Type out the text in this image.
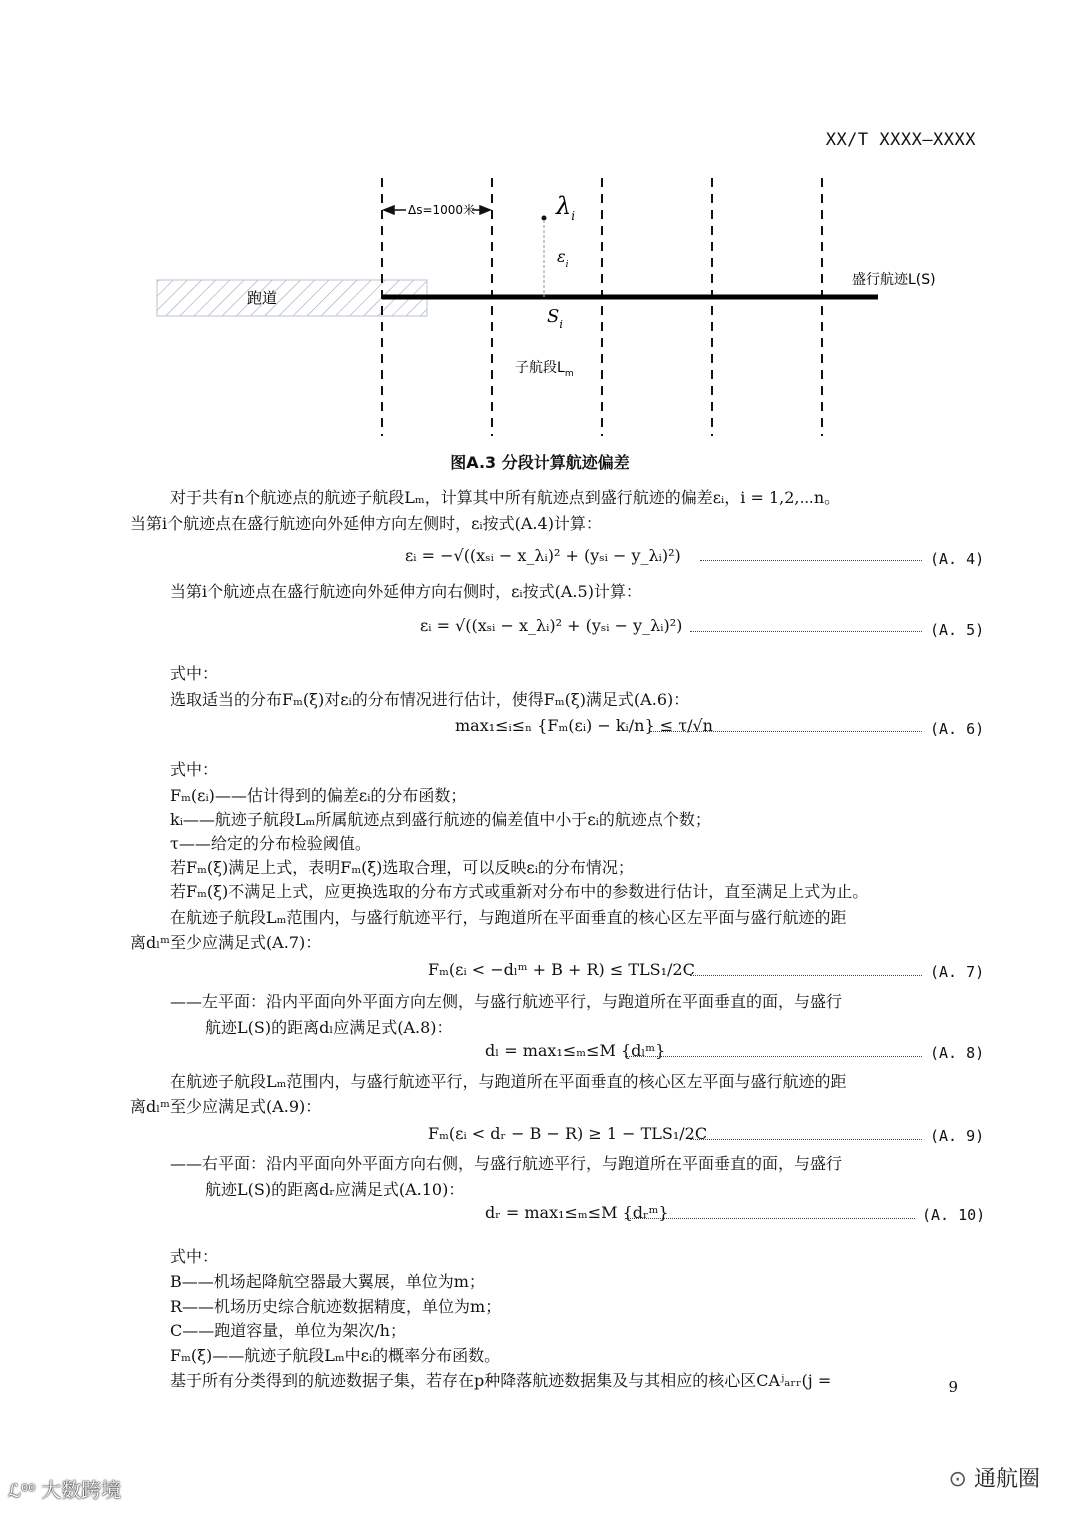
XX/T XXXX—XXXX
跑道
Δs=1000米	$\lambda_i$
$\varepsilon_i$
$S_i$
子航段$L_m$
盛行航迹L(S)
图A.3 分段计算航迹偏差
对于共有n个航迹点的航迹子航段Lₘ，计算其中所有航迹点到盛行航迹的偏差εᵢ，i = 1,2,⋯n。
当第i个航迹点在盛行航迹向外延伸方向左侧时，εᵢ按式(A.4)计算：
εᵢ = −√((xₛᵢ − x_λᵢ)² + (yₛᵢ − y_λᵢ)²)	(A. 4)
当第i个航迹点在盛行航迹向外延伸方向右侧时，εᵢ按式(A.5)计算：
εᵢ = √((xₛᵢ − x_λᵢ)² + (yₛᵢ − y_λᵢ)²)	(A. 5)
式中：
选取适当的分布Fₘ(ξ)对εᵢ的分布情况进行估计，使得Fₘ(ξ)满足式(A.6)：
max₁≤ᵢ≤ₙ {Fₘ(εᵢ) − kᵢ/n} ≤ τ/√n	(A. 6)
式中：
Fₘ(εᵢ)——估计得到的偏差εᵢ的分布函数；
kᵢ——航迹子航段Lₘ所属航迹点到盛行航迹的偏差值中小于εᵢ的航迹点个数；
τ——给定的分布检验阈值。
若Fₘ(ξ)满足上式，表明Fₘ(ξ)选取合理，可以反映εᵢ的分布情况；
若Fₘ(ξ)不满足上式，应更换选取的分布方式或重新对分布中的参数进行估计，直至满足上式为止。
在航迹子航段Lₘ范围内，与盛行航迹平行，与跑道所在平面垂直的核心区左平面与盛行航迹的距
离dₗᵐ至少应满足式(A.7)：
Fₘ(εᵢ < −dₗᵐ + B + R) ≤ TLS₁/2C	(A. 7)
——左平面：沿内平面向外平面方向左侧，与盛行航迹平行，与跑道所在平面垂直的面，与盛行
航迹L(S)的距离dₗ应满足式(A.8)：
dₗ = max₁≤ₘ≤M {dₗᵐ}	(A. 8)
在航迹子航段Lₘ范围内，与盛行航迹平行，与跑道所在平面垂直的核心区左平面与盛行航迹的距
离dₗᵐ至少应满足式(A.9)：
Fₘ(εᵢ < dᵣ − B − R) ≥ 1 − TLS₁/2C	(A. 9)
——右平面：沿内平面向外平面方向右侧，与盛行航迹平行，与跑道所在平面垂直的面，与盛行
航迹L(S)的距离dᵣ应满足式(A.10)：
dᵣ = max₁≤ₘ≤M {dᵣᵐ}	(A. 10)
式中：
B——机场起降航空器最大翼展，单位为m；
R——机场历史综合航迹数据精度，单位为m；
C——跑道容量，单位为架次/h；
Fₘ(ξ)——航迹子航段Lₘ中εᵢ的概率分布函数。
基于所有分类得到的航迹数据子集，若存在p种降落航迹数据集及与其相应的核心区CAʲₐᵣᵣ(j =	9
ℒ⁰⁰ 大数跨境	⊙ 通航圈
